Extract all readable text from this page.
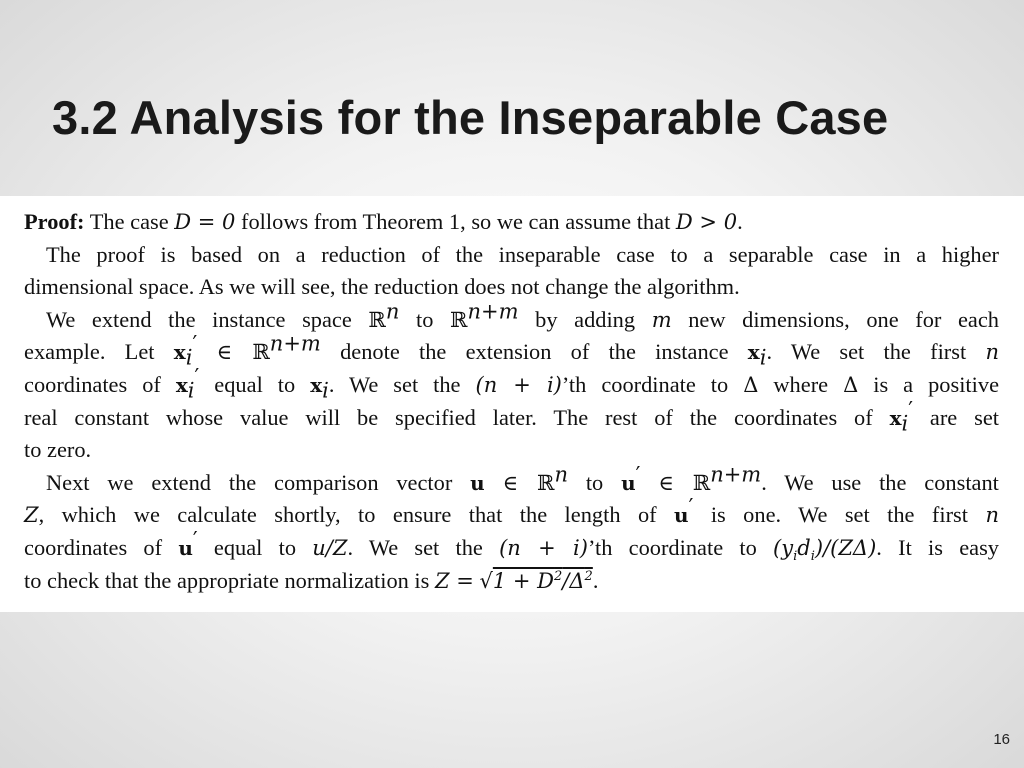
3.2 Analysis for the Inseparable Case
Proof: The case D = 0 follows from Theorem 1, so we can assume that D > 0.
The proof is based on a reduction of the inseparable case to a separable case in a higher
dimensional space. As we will see, the reduction does not change the algorithm.
We extend the instance space ℝ$^n$ to ℝ$^{n+m}$ by adding m new dimensions, one for each
example. Let $x_i'$ ∈ ℝ$^{n+m}$ denote the extension of the instance $x_i$. We set the first n
coordinates of $x_i'$ equal to $x_i$. We set the (n + i)’th coordinate to Δ where Δ is a positive
real constant whose value will be specified later. The rest of the coordinates of $x_i'$ are set
to zero.
Next we extend the comparison vector u ∈ ℝ$^n$ to u′ ∈ ℝ$^{n+m}$. We use the constant
Z, which we calculate shortly, to ensure that the length of u′ is one. We set the first n
coordinates of u′ equal to u/Z. We set the (n + i)’th coordinate to $(y_id_i)/(Z\Delta)$. It is easy
to check that the appropriate normalization is $Z = √1 + D^2/\Delta^2$.
16
